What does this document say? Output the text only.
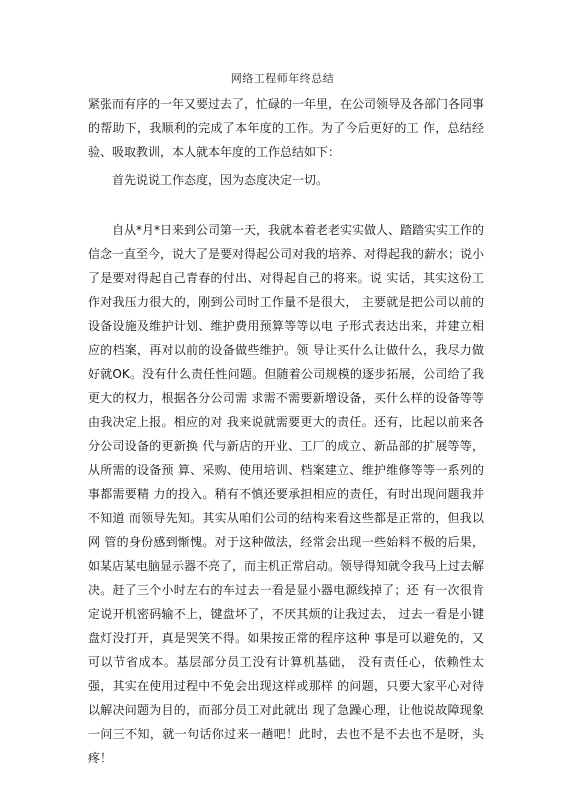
网络工程师年终总结

紧张而有序的一年又要过去了，忙碌的一年里，在公司领导及各部门各同事的帮助下，我顺利的完成了本年度的工作。为了今后更好的工 作，总结经验、吸取教训，本人就本年度的工作总结如下：

首先说说工作态度，因为态度决定一切。

自从*月*日来到公司第一天，我就本着老老实实做人、踏踏实实工作的信念一直至今，说大了是要对得起公司对我的培养、对得起我的薪水；说小了是要对得起自己青春的付出、对得起自己的将来。说 实话，其实这份工作对我压力很大的，刚到公司时工作量不是很大， 主要就是把公司以前的设备设施及维护计划、维护费用预算等等以电 子形式表达出来，并建立相应的档案，再对以前的设备做些维护。领 导让买什么让做什么，我尽力做好就OK。没有什么责任性问题。但随着公司规模的逐步拓展，公司给了我更大的权力，根据各分公司需 求需不需要新增设备，买什么样的设备等等由我决定上报。相应的对 我来说就需要更大的责任。还有，比起以前来各分公司设备的更新换 代与新店的开业、工厂的成立、新品部的扩展等等，从所需的设备预 算、采购、使用培训、档案建立、维护维修等等一系列的事都需要精 力的投入。稍有不慎还要承担相应的责任，有时出现问题我并不知道 而领导先知。其实从咱们公司的结构来看这些都是正常的，但我以网 管的身份感到惭愧。对于这种做法，经常会出现一些始料不极的后果， 如某店某电脑显示器不亮了，而主机正常启动。领导得知就令我马上过去解决。赶了三个小时左右的车过去一看是显小器电源线掉了；还 有一次很肯定说开机密码输不上，键盘坏了，不厌其烦的让我过去， 过去一看是小键盘灯没打开，真是哭笑不得。如果按正常的程序这种 事是可以避免的，又可以节省成本。基层部分员工没有计算机基础， 没有责任心，依赖性太强，其实在使用过程中不免会出现这样或那样 的问题，只要大家平心对待以解决问题为目的，而部分员工对此就出 现了急躁心理，让他说故障现象一问三不知，就一句话你过来一趟吧！此时，去也不是不去也不是呀，头疼！
